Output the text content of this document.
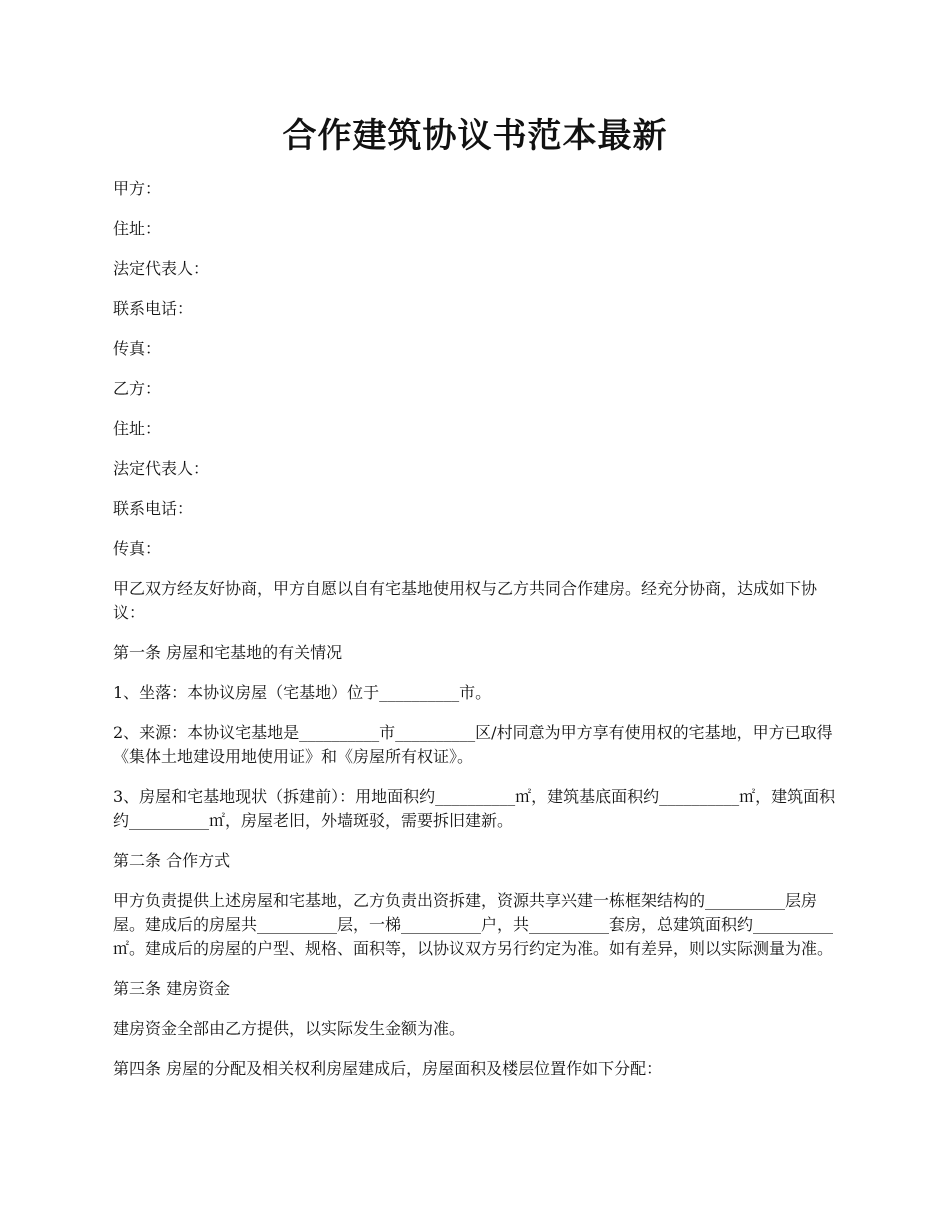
合作建筑协议书范本最新

甲方：

住址：

法定代表人：

联系电话：

传真：

乙方：

住址：

法定代表人：

联系电话：

传真：

甲乙双方经友好协商，甲方自愿以自有宅基地使用权与乙方共同合作建房。经充分协商，达成如下协议：

第一条 房屋和宅基地的有关情况

1、坐落：本协议房屋（宅基地）位于__________市。

2、来源：本协议宅基地是__________市__________区/村同意为甲方享有使用权的宅基地，甲方已取得《集体土地建设用地使用证》和《房屋所有权证》。

3、房屋和宅基地现状（拆建前）：用地面积约__________㎡，建筑基底面积约__________㎡，建筑面积约__________㎡，房屋老旧，外墙斑驳，需要拆旧建新。

第二条 合作方式

甲方负责提供上述房屋和宅基地，乙方负责出资拆建，资源共享兴建一栋框架结构的__________层房屋。建成后的房屋共__________层，一梯__________户，共__________套房，总建筑面积约__________㎡。建成后的房屋的户型、规格、面积等，以协议双方另行约定为准。如有差异，则以实际测量为准。

第三条 建房资金

建房资金全部由乙方提供，以实际发生金额为准。

第四条 房屋的分配及相关权利房屋建成后，房屋面积及楼层位置作如下分配：
